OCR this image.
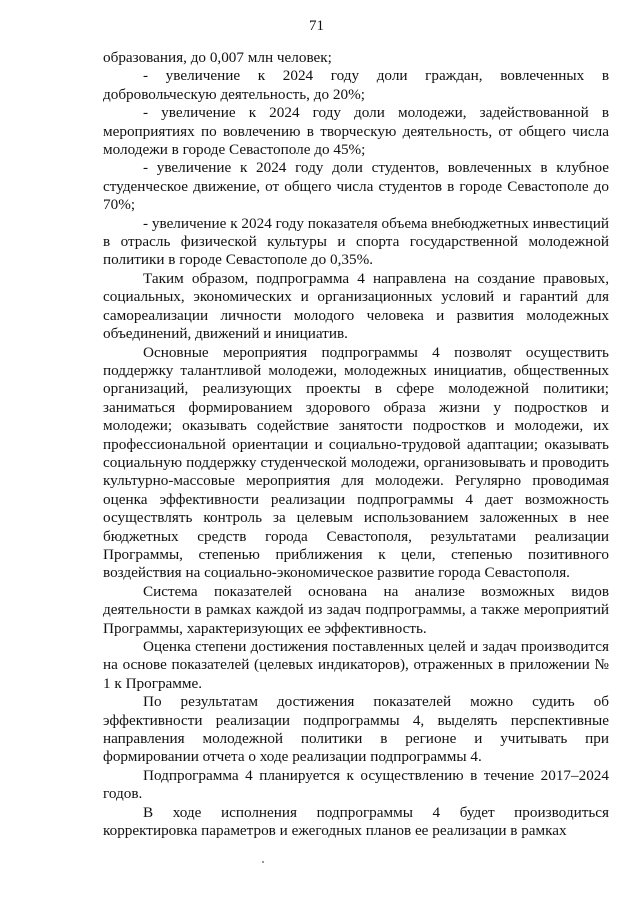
71

образования, до 0,007 млн человек;

- увеличение к 2024 году доли граждан, вовлеченных в добровольческую деятельность, до 20%;

- увеличение к 2024 году доли молодежи, задействованной в мероприятиях по вовлечению в творческую деятельность, от общего числа молодежи в городе Севастополе до 45%;

- увеличение к 2024 году доли студентов, вовлеченных в клубное студенческое движение, от общего числа студентов в городе Севастополе до 70%;

- увеличение к 2024 году показателя объема внебюджетных инвестиций в отрасль физической культуры и спорта государственной молодежной политики в городе Севастополе до 0,35%.

Таким образом, подпрограмма 4 направлена на создание правовых, социальных, экономических и организационных условий и гарантий для самореализации личности молодого человека и развития молодежных объединений, движений и инициатив.

Основные мероприятия подпрограммы 4 позволят осуществить поддержку талантливой молодежи, молодежных инициатив, общественных организаций, реализующих проекты в сфере молодежной политики; заниматься формированием здорового образа жизни у подростков и молодежи; оказывать содействие занятости подростков и молодежи, их профессиональной ориентации и социально-трудовой адаптации; оказывать социальную поддержку студенческой молодежи, организовывать и проводить культурно-массовые мероприятия для молодежи. Регулярно проводимая оценка эффективности реализации подпрограммы 4 дает возможность осуществлять контроль за целевым использованием заложенных в нее бюджетных средств города Севастополя, результатами реализации Программы, степенью приближения к цели, степенью позитивного воздействия на социально-экономическое развитие города Севастополя.

Система показателей основана на анализе возможных видов деятельности в рамках каждой из задач подпрограммы, а также мероприятий Программы, характеризующих ее эффективность.

Оценка степени достижения поставленных целей и задач производится на основе показателей (целевых индикаторов), отраженных в приложении № 1 к Программе.

По результатам достижения показателей можно судить об эффективности реализации подпрограммы 4, выделять перспективные направления молодежной политики в регионе и учитывать при формировании отчета о ходе реализации подпрограммы 4.

Подпрограмма 4 планируется к осуществлению в течение 2017–2024 годов.

В ходе исполнения подпрограммы 4 будет производиться корректировка параметров и ежегодных планов ее реализации в рамках
